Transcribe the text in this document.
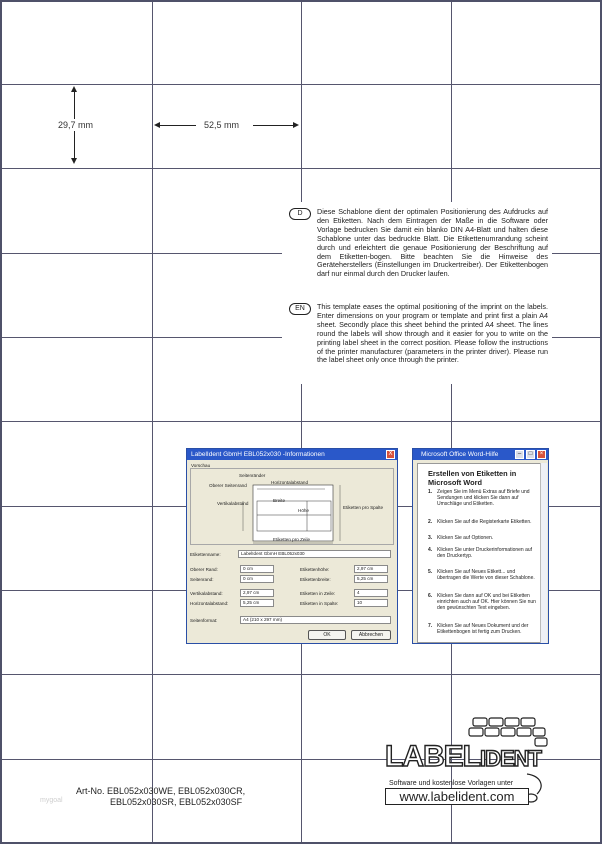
29,7 mm	52,5 mm
D	Diese Schablone dient der optimalen Positionierung des Aufdrucks auf den Etiketten. Nach dem Eintragen der Maße in die Software oder Vorlage bedrucken Sie damit ein blanko DIN A4-Blatt und halten diese Schablone unter das bedruckte Blatt. Die Etikettenumrandung scheint durch und erleichtert die genaue Positionierung der Beschriftung auf dem Etiketten-bogen. Bitte beachten Sie die Hinweise des Geräteherstellers (Einstellungen im Druckertreiber). Der Etikettenbogen darf nur einmal durch den Drucker laufen.
EN	This template eases the optimal positioning of the imprint on the labels. Enter dimensions on your program or template and print first a plain A4 sheet. Secondly place this sheet behind the printed A4 sheet. The lines round the labels will show through and it easier for you to write on the printing label sheet in the correct position. Please follow the instructions of the printer manufacturer (parameters in the printer driver). Please run the label sheet only once through the printer.
LabelIdent GbmH EBL052x030 -Informationen	X
Vorschau
Seitenränder
Oberer Seitenrand
Horizontalabstand
Vertikalabstand
Breite
Höhe
Etiketten pro Spalte
Etiketten pro Zeile
Etikettenname:	LabelIdent GbmH EBL052x030
Oberer Rand:	0 cm
Seitenrand:	0 cm
Vertikalabstand:	2,97 cm
Horizontalabstand:	5,25 cm
Etikettenhöhe:	2,97 cm
Etikettenbreite:	5,25 cm
Etiketten in Zeile:	4
Etiketten in Spalte:	10
Seitenformat:	A4 (210 x 297 mm)
OK	Abbrechen
Microsoft Office Word-Hilfe	–	□	×
Erstellen von Etiketten in Microsoft Word
1. Zeigen Sie im Menü Extras auf Briefe und Sendungen und klicken Sie dann auf Umschläge und Etiketten.
2. Klicken Sie auf die Registerkarte Etiketten.
3. Klicken Sie auf Optionen.
4. Klicken Sie unter Druckerinformationen auf den Druckertyp.
5. Klicken Sie auf Neues Etikett... und übertragen die Werte von dieser Schablone.
6. Klicken Sie dann auf OK und bei Etiketten einrichten auch auf OK. Hier können Sie nun den gewünschten Text eingeben.
7. Klicken Sie auf Neues Dokument und der Etikettenbogen ist fertig zum Drucken.
LABELIDENT
Software und kostenlose Vorlagen unter
www.labelident.com
Art-No. EBL052x030WE, EBL052x030CR,
EBL052x030SR, EBL052x030SF
mygoal
